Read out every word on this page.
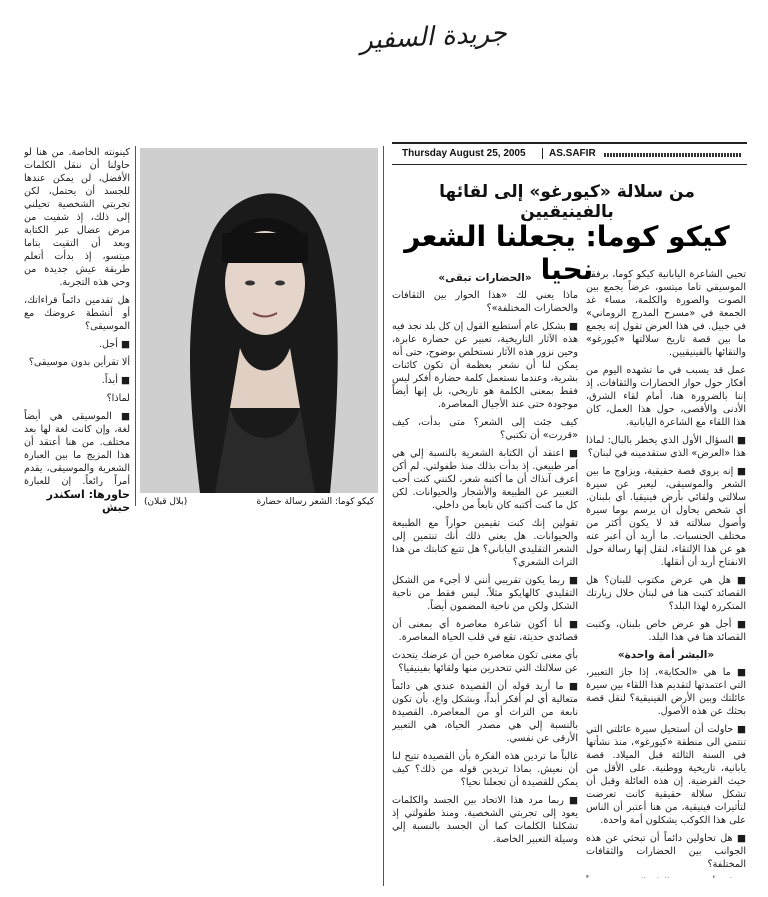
جريدة السفير
Thursday August 25, 2005	AS.SAFIR
من سلالة «كيورغو» إلى لقائها بالفينيقيين
كيكو كوما: يجعلنا الشعر نحيا

تحيي الشاعرة اليابانية كيكو كوما، برفقة الموسيقي تاما ميتسو، عرضاً يجمع بين الصوت والصورة والكلمة، مساء غد الجمعة في «مسرح المدرج الروماني» في جبيل. في هذا العرض تقول إنه يجمع ما بين قصة تاريخ سلالتها «كيورغو» والتقائها بالفينيقيين.

عمل قد يسبب في ما تشهده اليوم من أفكار حول حوار الحضارات والثقافات، إذ إننا بالضرورة هنا، أمام لقاء الشرق، الأدنى والأقصى، حول هذا العمل، كان هذا اللقاء مع الشاعرة اليابانية.

■ السؤال الأول الذي يخطر بالبال: لماذا هذا «العرض» الذي ستقدمينه في لبنان؟

■ إنه يروي قصة حقيقية، ويزاوج ما بين الشعر والموسيقى، ليعبر عن سيرة سلالتي ولقائي بأرض فينيقيا. أي بلبنان. أي شخص يحاول أن يرسم بوما سيرة وأصول سلالته قد لا يكون أكثر من مختلف الجنسيات. ما أريد أن أعبر عنه هو عن هذا الإلتقاء، لنقل إنها رسالة حول الانفتاح أريد أن أنقلها.

■ هل هي عرض مكتوب للبنان؟ هل القصائد كتبت هنا في لبنان خلال زيارتك المتكررة لهذا البلد؟

■ أجل هو عرض خاص بلبنان، وكتبت القصائد هنا في هذا البلد.

«البشر أمة واحدة»

■ ما هي «الحكاية»، إذا جاز التعبير، التي اعتمدتها لتقديم هذا اللقاء بين سيرة عائلتك وبين الأرض الفينيقية؟ لنقل قصة بحثك عن هذه الأصول.

■ حاولت أن أستحيل سيرة عائلتي التي تنتمي الى منطقة «كيورغو»، منذ نشأتها في السنة الثالثة قبل الميلاد. قصة يابانية، تاريخية ووطنية. على الأقل من حيث الفرضية. إن هذه العائلة وقبل أن تشكل سلالة حقيقية كانت تعرضت لتأثيرات فينيقية، من هنا أعتبر أن الناس على هذا الكوكب يشكلون أمة واحدة.

■ هل تحاولين دائماً أن تبحثي عن هذه الجوانب بين الحضارات والثقافات المختلفة؟

«الحضارات تبقى»

ماذا يعني لك «هذا الحوار بين الثقافات والحضارات المختلفة»؟

■ بشكل عام أستطيع القول إن كل بلد نجد فيه هذه الآثار التاريخية، تعبير عن حضارة عابرة، وحين نزور هذه الآثار نستخلص بوضوح، حتى أنه يمكن لنا أن نشعر بعظمة أن تكون كائنات بشرية، وعندما نستعمل كلمة حضارة أفكر ليس فقط بمعنى الكلمة هو تاريخي، بل إنها أيضاً موجودة حتى عند الأجيال المعاصرة.

كيف جئت إلى الشعر؟ متى بدأت، كيف «قررت» أن تكتبي؟

■ اعتقد أن الكتابة الشعرية بالنسبة إلي هي أمر طبيعي. إذ بدأت بذلك منذ طفولتي. لم أكن أعرف آنذاك أن ما أكتبه شعر، لكنني كنت أحب التعبير عن الطبيعة والأشجار والحيوانات. لكن كل ما كنت أكتبه كان نابعاً من داخلي.

تقولين إنك كنت تقيمين حواراً مع الطبيعة والحيوانات. هل يعني ذلك أنك تنتمين إلى الشعر التقليدي الياباني؟ هل تتبع كتابتك من هذا التراث الشعري؟

■ ربما يكون تقريبي أنني لا أجيء من الشكل التقليدي كالهايكو مثلاً. ليس فقط من ناحية الشكل ولكن من ناحية المضمون أيضاً.

■ أنا أكون شاعرة معاصرة أي بمعنى أن قصائدي حديثة، تقع في قلب الحياة المعاصرة.

بأي معنى تكون معاصرة حين أن عرضك يتحدث عن سلالتك التي تتحدرين منها ولقائها بفينيقيا؟

■ ما أريد قوله أن القصيدة عندي هي دائماً متعالية أي لم أفكر أبداً، وبشكل واع، بأن تكون نابعة من التراث أو من المعاصرة. القصيدة بالنسبة إلي هي مصدر الحياة، هي التعبير الأرقى عن نفسي.

غالباً ما تردين هذه الفكرة بأن القصيدة تتيح لنا أن نعيش. بماذا تريدين قوله من ذلك؟ كيف يمكن للقصيدة أن تجعلنا نحيا؟

■ ربما مرد هذا الاتحاد بين الجسد والكلمات يعود إلى تجربتي الشخصية. ومنذ طفولتي إذ تشكلنا الكلمات كما أن الجسد بالنسبة إلي وسيلة التعبير الخاصة.

كيكو كوما: الشعر رسالة حضارة
(بلال قبلان)

كينونته الخاصة. من هنا لو حاولنا أن ننقل الكلمات الأفضل، لن يمكن عندها للجسد أن يحتمل، لكن تجربتي الشخصية تحيلني إلى ذلك، إذ شفيت من مرض عضال عبر الكتابة وبعد أن التقيت بتاما ميتسو، إذ بدأت أتعلم طريقة عيش جديدة من وحي هذه التجربة.

هل تقدمين دائماً قراءاتك، أو أنشطة عروضك مع الموسيقى؟

■ أجل.

ألا تقرأين بدون موسيقى؟

■ أبداً.

لماذا؟

■ الموسيقى هي أيضاً لغة، وإن كانت لغة لها بعد مختلف. من هنا أعتقد أن هذا المزيج ما بين العبارة الشعرية والموسيقى، يقدم أمراً رائعاً. إن للعبارة

حاورها: اسكندر حبش
